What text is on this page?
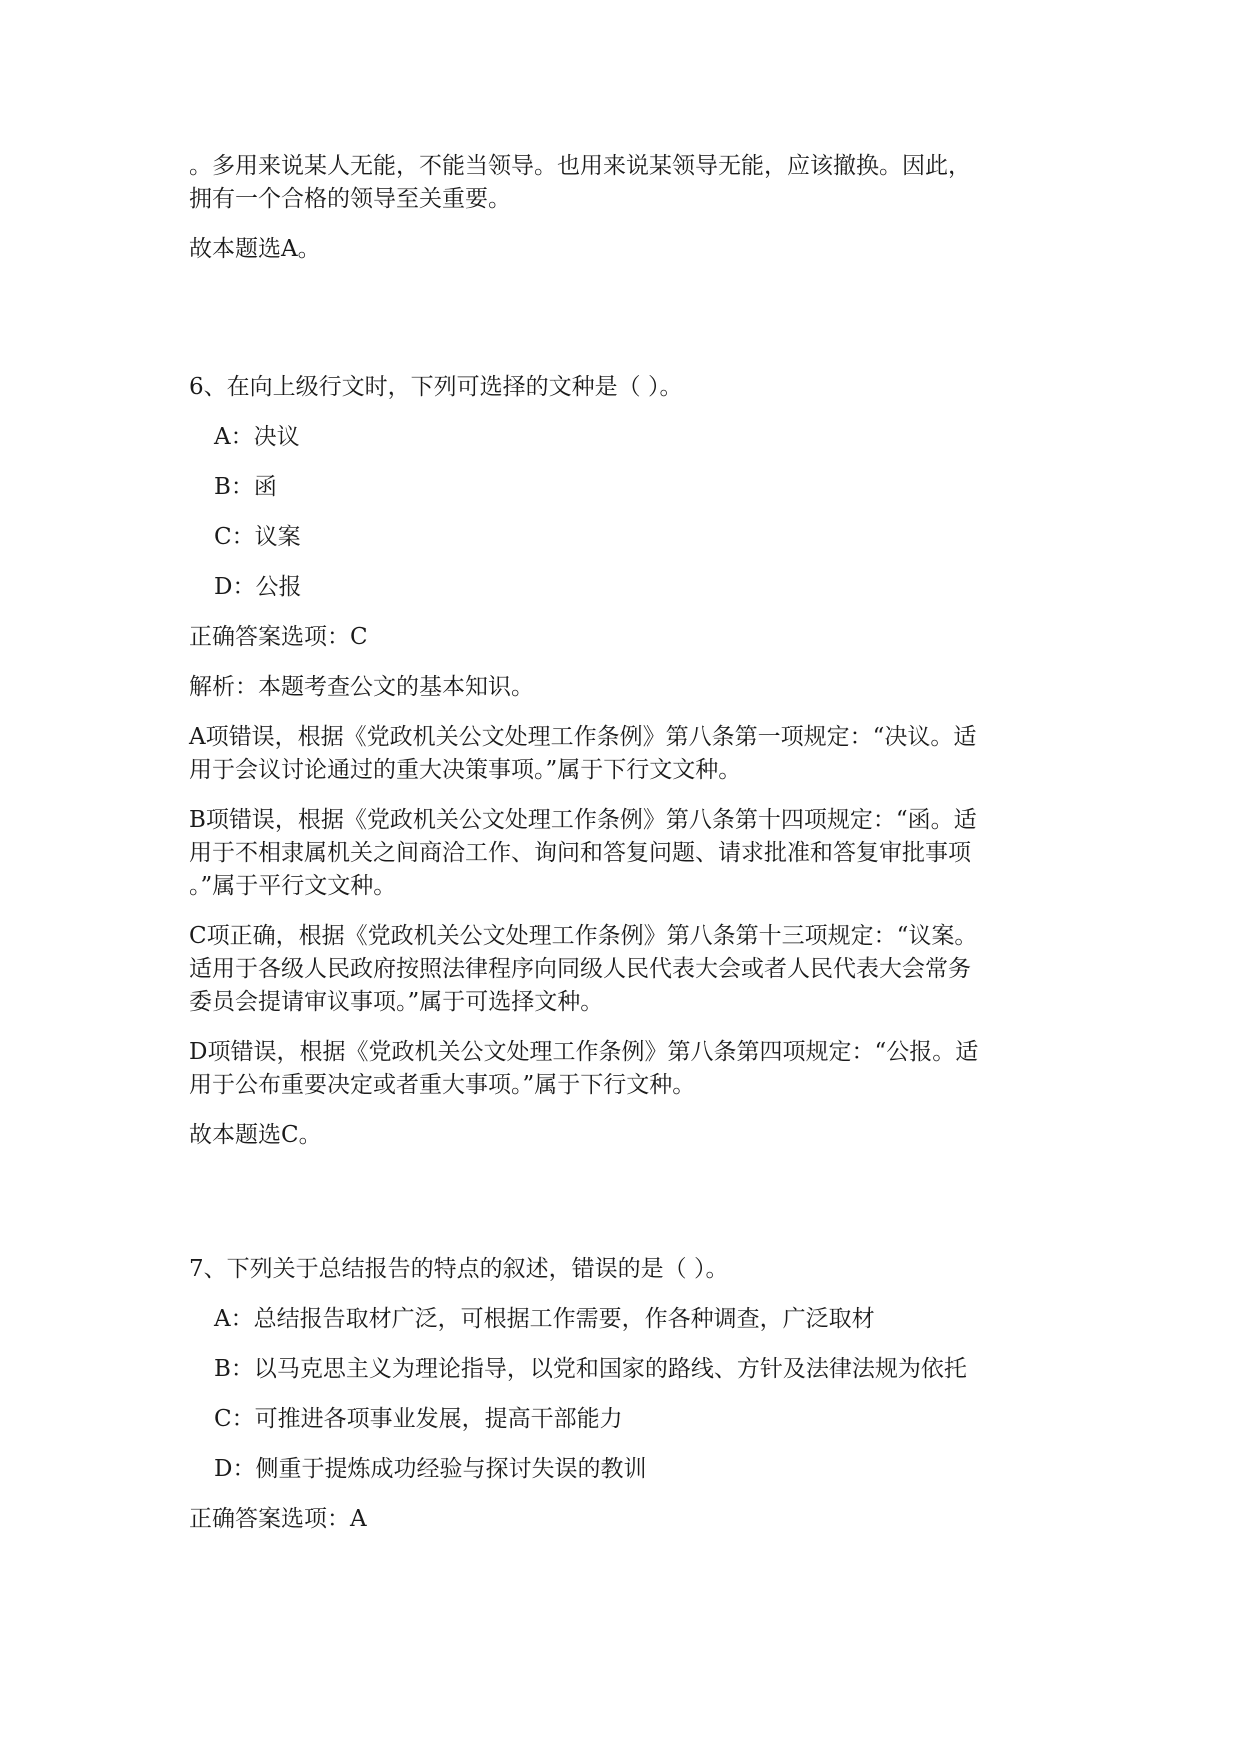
。多用来说某人无能，不能当领导。也用来说某领导无能，应该撤换。因此，
拥有一个合格的领导至关重要。
故本题选A。
6、在向上级行文时，下列可选择的文种是（ ）。
A：决议
B：函
C：议案
D：公报
正确答案选项：C
解析：本题考查公文的基本知识。
A项错误，根据《党政机关公文处理工作条例》第八条第一项规定：“决议。适
用于会议讨论通过的重大决策事项。”属于下行文文种。
B项错误，根据《党政机关公文处理工作条例》第八条第十四项规定：“函。适
用于不相隶属机关之间商洽工作、询问和答复问题、请求批准和答复审批事项
。”属于平行文文种。
C项正确，根据《党政机关公文处理工作条例》第八条第十三项规定：“议案。
适用于各级人民政府按照法律程序向同级人民代表大会或者人民代表大会常务
委员会提请审议事项。”属于可选择文种。
D项错误，根据《党政机关公文处理工作条例》第八条第四项规定：“公报。适
用于公布重要决定或者重大事项。”属于下行文种。
故本题选C。
7、下列关于总结报告的特点的叙述，错误的是（ ）。
A：总结报告取材广泛，可根据工作需要，作各种调查，广泛取材
B：以马克思主义为理论指导，以党和国家的路线、方针及法律法规为依托
C：可推进各项事业发展，提高干部能力
D：侧重于提炼成功经验与探讨失误的教训
正确答案选项：A
